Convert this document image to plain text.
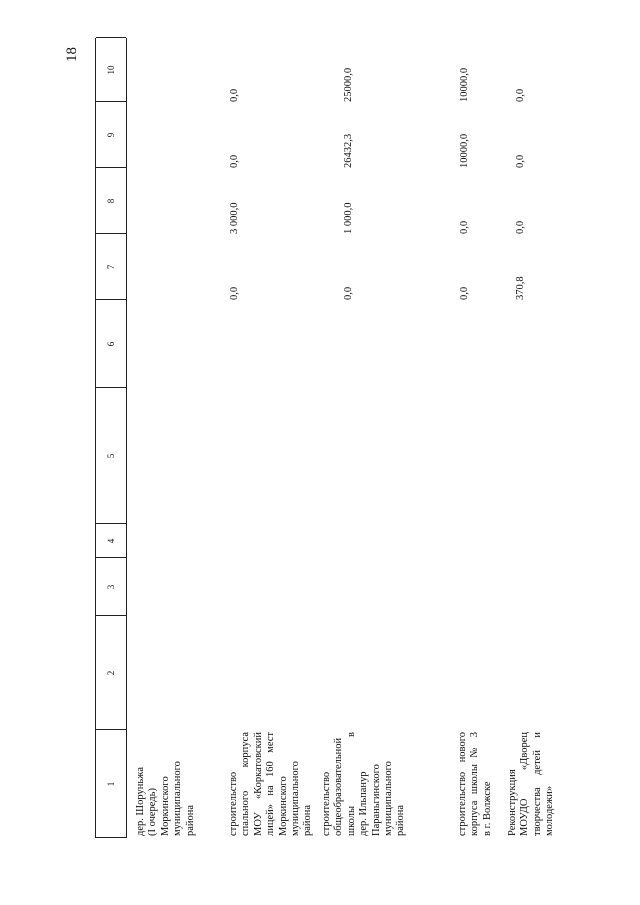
18
1
2
3
4
5
6
7
8
9
10
дер. Шоруньжа (I очередь) Моркинского муниципального района	строительство спального корпуса МОУ «Коркатовский лицей» на 160 мест Моркинского муниципального района
0,0
3 000,0
0,0
0,0
строительство общеобразовательной школы в дер. Ильпанур Параньгинского муниципального района
0,0
1 000,0
26432,3
25000,0
строительство нового корпуса школы № 3 в г. Волжске
0,0
0,0
10000,0
10000,0
Реконструкция МОУДО «Дворец творчества детей и молодежи»
370,8
0,0
0,0
0,0
